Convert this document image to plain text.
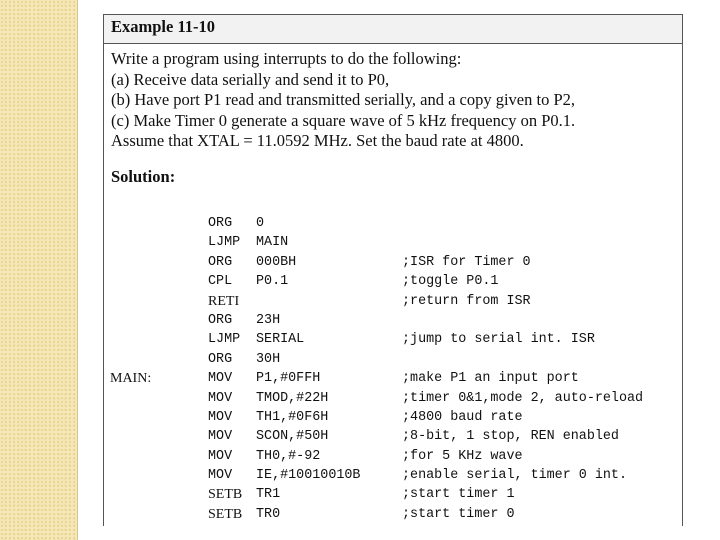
Example 11-10

Write a program using interrupts to do the following:

(a) Receive data serially and send it to P0,

(b) Have port P1 read and transmitted serially, and a copy given to P2,

(c) Make Timer 0 generate a square wave of 5 kHz frequency on P0.1.

Assume that XTAL = 11.0592 MHz. Set the baud rate at 4800.

Solution:
ORG 0
LJMP MAIN
ORG 000BH	;ISR for Timer 0
CPL P0.1	;toggle P0.1
RETI	;return from ISR
ORG 23H
LJMP SERIAL	;jump to serial int. ISR
ORG 30H
MAIN:	MOV P1,#0FFH	;make P1 an input port
MOV TMOD,#22H	;timer 0&1,mode 2, auto-reload
MOV TH1,#0F6H	;4800 baud rate
MOV SCON,#50H	;8-bit, 1 stop, REN enabled
MOV TH0,#-92	;for 5 KHz wave
MOV IE,#10010010B	;enable serial, timer 0 int.
SETB TR1	;start timer 1
SETB TR0	;start timer 0
